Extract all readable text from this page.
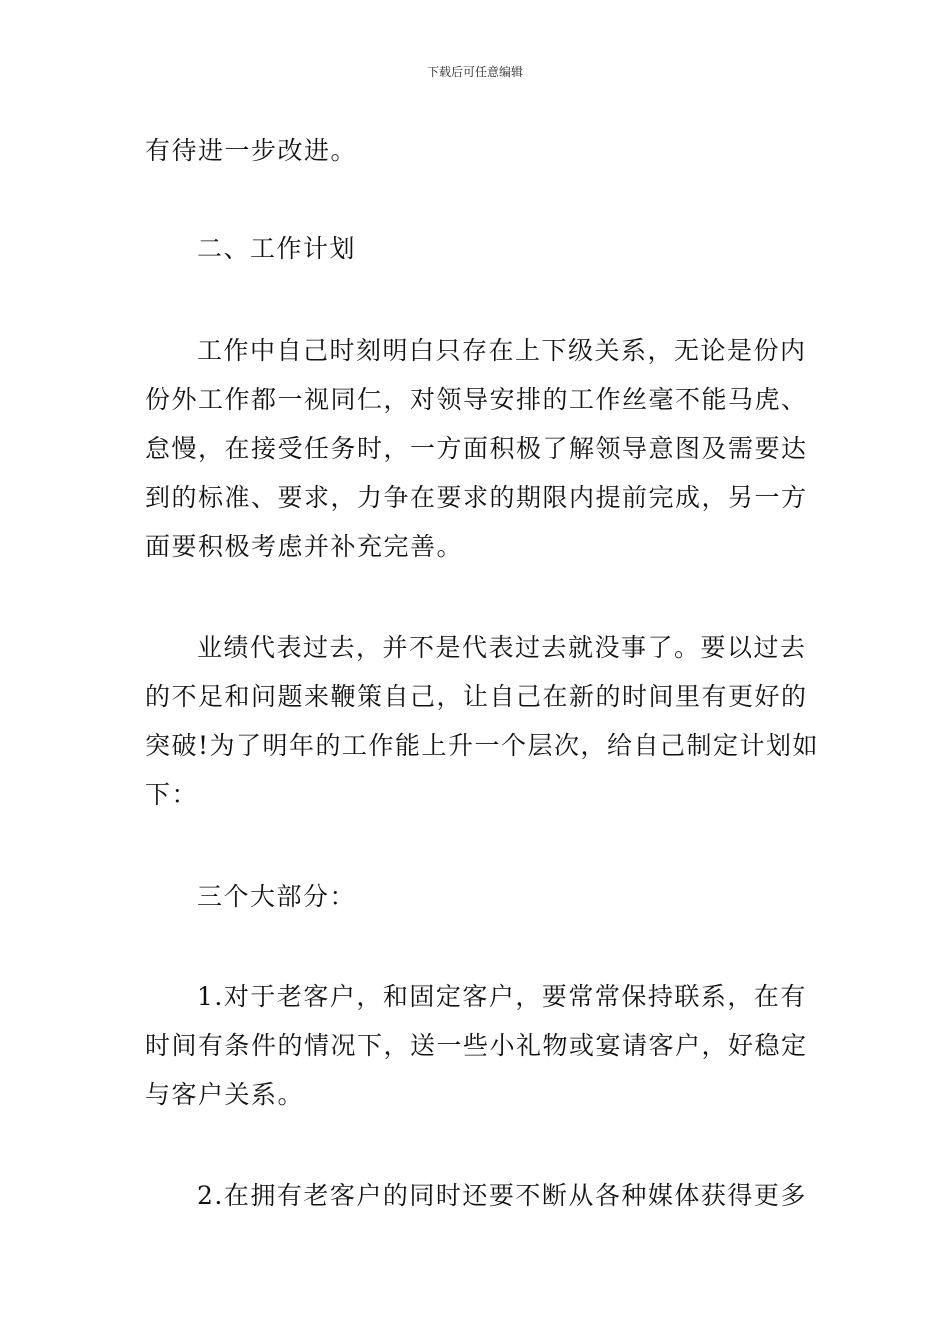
下载后可任意编辑

有待进一步改进。

二、工作计划

工作中自己时刻明白只存在上下级关系，无论是份内
份外工作都一视同仁，对领导安排的工作丝毫不能马虎、
怠慢，在接受任务时，一方面积极了解领导意图及需要达
到的标准、要求，力争在要求的期限内提前完成，另一方
面要积极考虑并补充完善。

业绩代表过去，并不是代表过去就没事了。要以过去
的不足和问题来鞭策自己，让自己在新的时间里有更好的
突破!为了明年的工作能上升一个层次，给自己制定计划如
下：

三个大部分：

1.对于老客户，和固定客户，要常常保持联系，在有
时间有条件的情况下，送一些小礼物或宴请客户，好稳定
与客户关系。

2.在拥有老客户的同时还要不断从各种媒体获得更多
